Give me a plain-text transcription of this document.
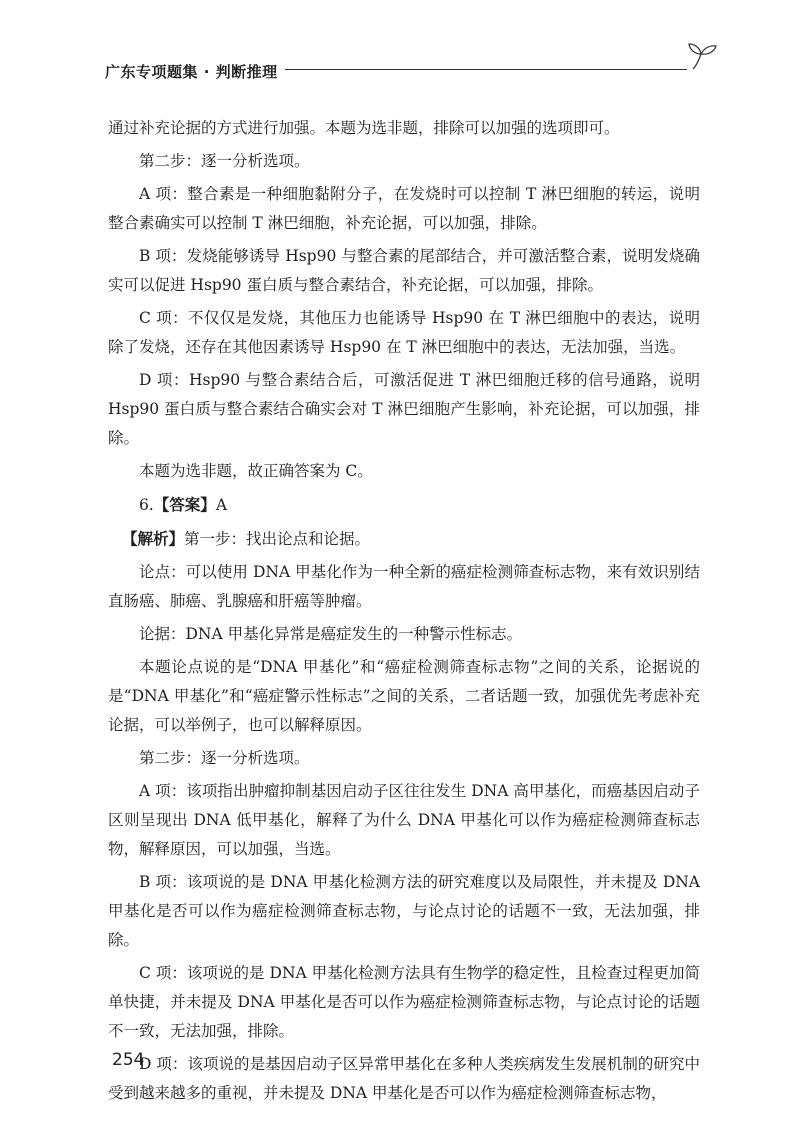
广东专项题集 · 判断推理

通过补充论据的方式进行加强。本题为选非题，排除可以加强的选项即可。

第二步：逐一分析选项。

A 项：整合素是一种细胞黏附分子，在发烧时可以控制 T 淋巴细胞的转运，说明整合素确实可以控制 T 淋巴细胞，补充论据，可以加强，排除。

B 项：发烧能够诱导 Hsp90 与整合素的尾部结合，并可激活整合素，说明发烧确实可以促进 Hsp90 蛋白质与整合素结合，补充论据，可以加强，排除。

C 项：不仅仅是发烧，其他压力也能诱导 Hsp90 在 T 淋巴细胞中的表达，说明除了发烧，还存在其他因素诱导 Hsp90 在 T 淋巴细胞中的表达，无法加强，当选。

D 项：Hsp90 与整合素结合后，可激活促进 T 淋巴细胞迁移的信号通路，说明 Hsp90 蛋白质与整合素结合确实会对 T 淋巴细胞产生影响，补充论据，可以加强，排除。

本题为选非题，故正确答案为 C。

6.【答案】A

【解析】第一步：找出论点和论据。

论点：可以使用 DNA 甲基化作为一种全新的癌症检测筛查标志物，来有效识别结直肠癌、肺癌、乳腺癌和肝癌等肿瘤。

论据：DNA 甲基化异常是癌症发生的一种警示性标志。

本题论点说的是“DNA 甲基化”和“癌症检测筛查标志物”之间的关系，论据说的是“DNA 甲基化”和“癌症警示性标志”之间的关系，二者话题一致，加强优先考虑补充论据，可以举例子，也可以解释原因。

第二步：逐一分析选项。

A 项：该项指出肿瘤抑制基因启动子区往往发生 DNA 高甲基化，而癌基因启动子区则呈现出 DNA 低甲基化，解释了为什么 DNA 甲基化可以作为癌症检测筛查标志物，解释原因，可以加强，当选。

B 项：该项说的是 DNA 甲基化检测方法的研究难度以及局限性，并未提及 DNA 甲基化是否可以作为癌症检测筛查标志物，与论点讨论的话题不一致，无法加强，排除。

C 项：该项说的是 DNA 甲基化检测方法具有生物学的稳定性，且检查过程更加简单快捷，并未提及 DNA 甲基化是否可以作为癌症检测筛查标志物，与论点讨论的话题不一致，无法加强，排除。

D 项：该项说的是基因启动子区异常甲基化在多种人类疾病发生发展机制的研究中受到越来越多的重视，并未提及 DNA 甲基化是否可以作为癌症检测筛查标志物，

254
